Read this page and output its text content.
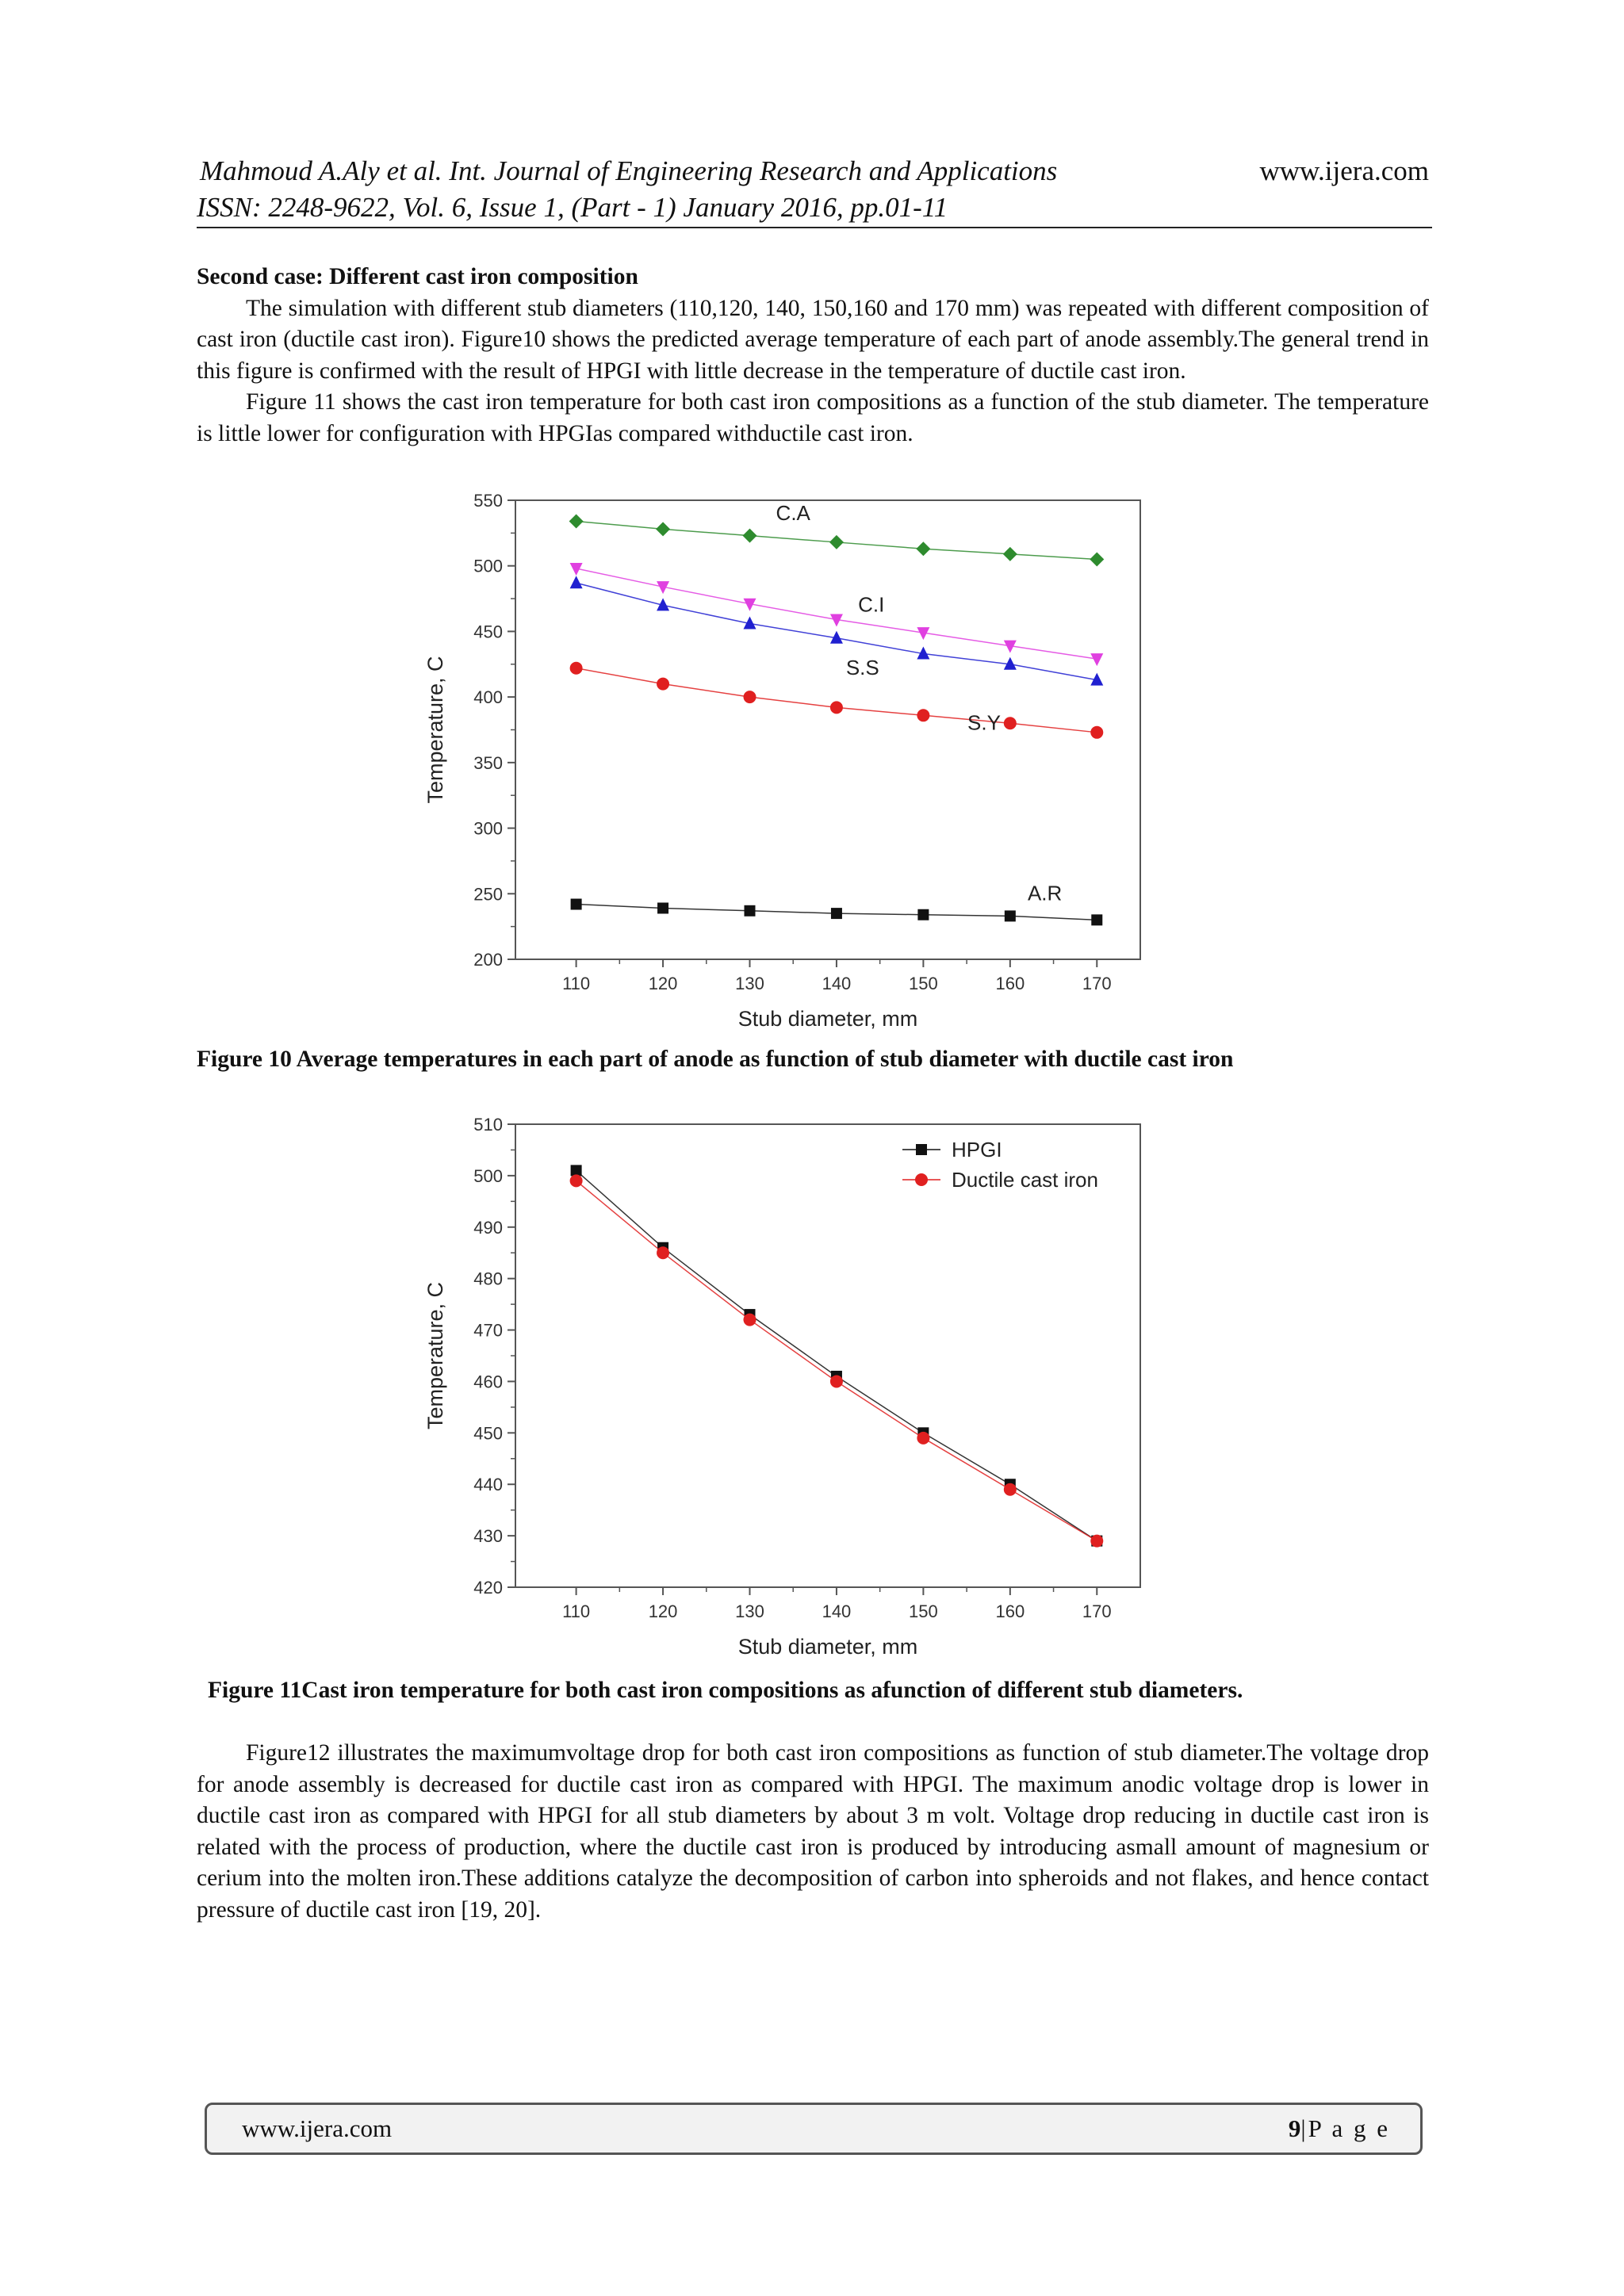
Mahmoud A.Aly et al. Int. Journal of Engineering Research and Applications	www.ijera.com
ISSN: 2248-9622, Vol. 6, Issue 1, (Part - 1) January 2016, pp.01-11
Second case: Different cast iron composition

The simulation with different stub diameters (110,120, 140, 150,160 and 170 mm) was repeated with different composition of cast iron (ductile cast iron). Figure10 shows the predicted average temperature of each part of anode assembly.The general trend in this figure is confirmed with the result of HPGI with little decrease in the temperature of ductile cast iron.

Figure 11 shows the cast iron temperature for both cast iron compositions as a function of the stub diameter. The temperature is little lower for configuration with HPGIas compared withductile cast iron.

200
250
300
350
400
450
500
550
110	120	130	140	150	160	170
Stub diameter, mm
Temperature, C
C.A
C.I
S.S
S.Y
A.R

Figure 10 Average temperatures in each part of anode as function of stub diameter with ductile cast iron

420
430
440
450
460
470
480
490
500
510
110	120	130	140	150	160	170
Stub diameter, mm
Temperature, C
HPGI
Ductile cast iron

Figure 11Cast iron temperature for both cast iron compositions as afunction of different stub diameters.

Figure12 illustrates the maximumvoltage drop for both cast iron compositions as function of stub diameter.The voltage drop for anode assembly is decreased for ductile cast iron as compared with HPGI. The maximum anodic voltage drop is lower in ductile cast iron as compared with HPGI for all stub diameters by about 3 m volt. Voltage drop reducing in ductile cast iron is related with the process of production, where the ductile cast iron is produced by introducing asmall amount of magnesium or cerium into the molten iron.These additions catalyze the decomposition of carbon into spheroids and not flakes, and hence contact pressure of ductile cast iron [19, 20].

www.ijera.com	9|P a g e
